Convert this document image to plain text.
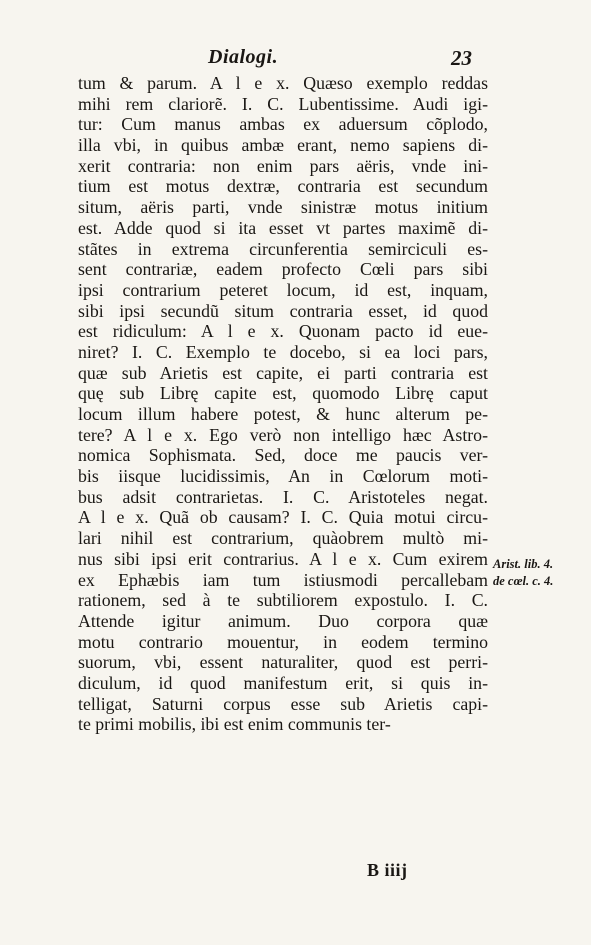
Dialogi.	23
tum & parum. A l e x. Quæso exemplo reddas
mihi rem clariorẽ. I. C. Lubentissime. Audi igi-
tur: Cum manus ambas ex aduersum cõplodo,
illa vbi, in quibus ambæ erant, nemo sapiens di-
xerit contraria: non enim pars aëris, vnde ini-
tium est motus dextræ, contraria est secundum
situm, aëris parti, vnde sinistræ motus initium
est. Adde quod si ita esset vt partes maximẽ di-
stãtes in extrema circunferentia semirciculi es-
sent contrariæ, eadem profecto Cœli pars sibi
ipsi contrarium peteret locum, id est, inquam,
sibi ipsi secundũ situm contraria esset, id quod
est ridiculum: A l e x. Quonam pacto id eue-
niret? I. C. Exemplo te docebo, si ea loci pars,
quæ sub Arietis est capite, ei parti contraria est
quę sub Librę capite est, quomodo Librę caput
locum illum habere potest, & hunc alterum pe-
tere? A l e x. Ego verò non intelligo hæc Astro-
nomica Sophismata. Sed, doce me paucis ver-
bis iisque lucidissimis, An in Cœlorum moti-
bus adsit contrarietas. I. C. Aristoteles negat.
A l e x. Quã ob causam? I. C. Quia motui circu-
lari nihil est contrarium, quàobrem multò mi-
nus sibi ipsi erit contrarius. A l e x. Cum exirem
ex Ephæbis iam tum istiusmodi percallebam
rationem, sed à te subtiliorem expostulo. I. C.
Attende igitur animum. Duo corpora quæ
motu contrario mouentur, in eodem termino
suorum, vbi, essent naturaliter, quod est perri-
diculum, id quod manifestum erit, si quis in-
telligat, Saturni corpus esse sub Arietis capi-
te primi mobilis, ibi est enim communis ter-
Arist. lib. 4.
de cœl. c. 4.
B iiij
